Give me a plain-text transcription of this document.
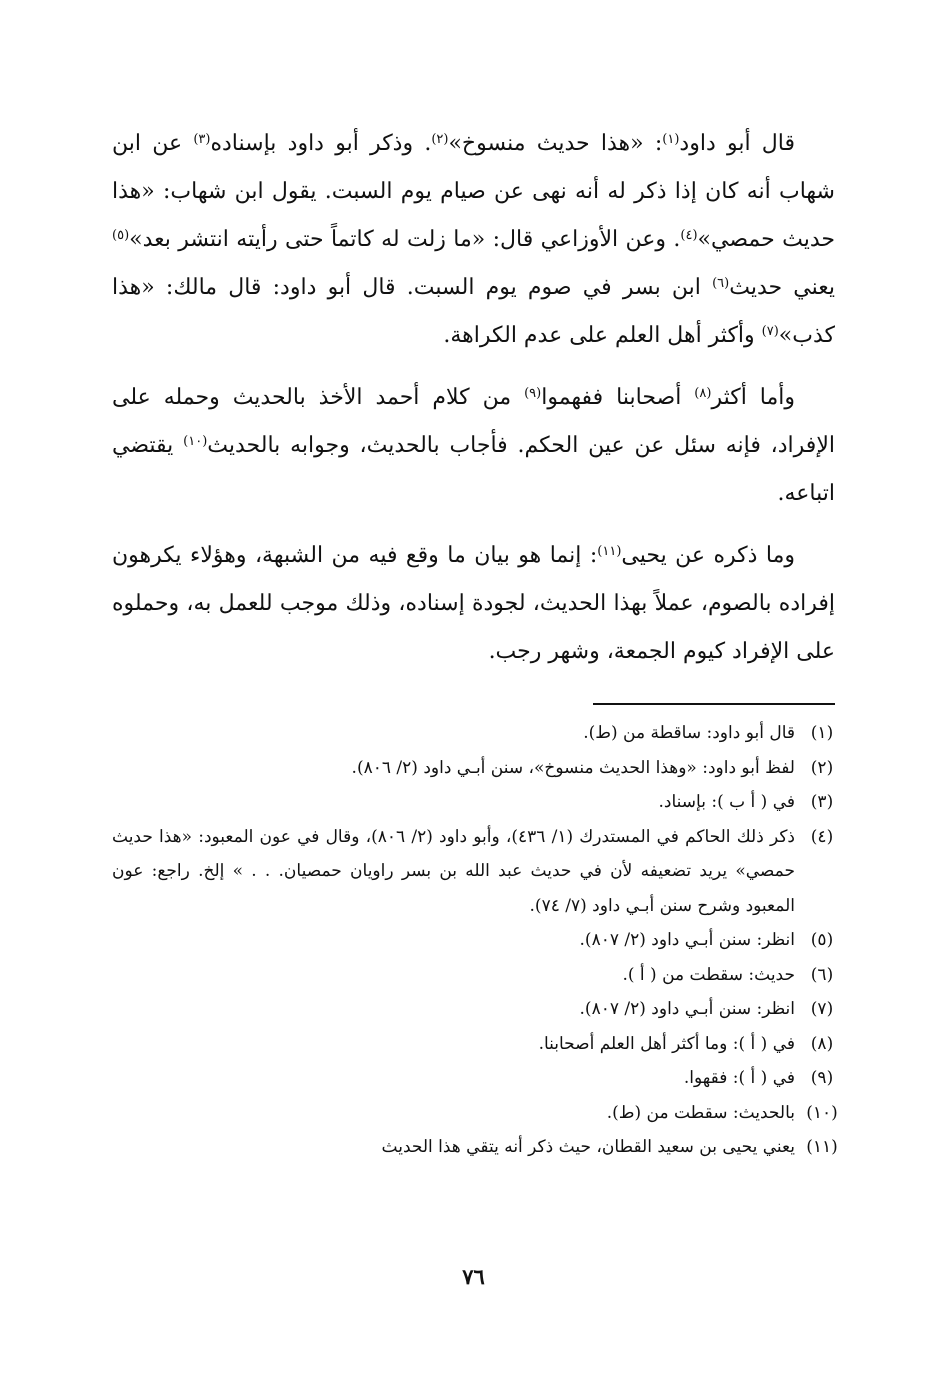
قال أبو داود$^{(١)}$: «هذا حديث منسوخ»$^{(٢)}$. وذكر أبو داود بإسناده$^{(٣)}$ عن ابن شهاب أنه كان إذا ذكر له أنه نهى عن صيام يوم السبت. يقول ابن شهاب: «هذا حديث حمصي»$^{(٤)}$. وعن الأوزاعي قال: «ما زلت له كاتماً حتى رأيته انتشر بعد»$^{(٥)}$ يعني حديث$^{(٦)}$ ابن بسر في صوم يوم السبت. قال أبو داود: قال مالك: «هذا كذب»$^{(٧)}$ وأكثر أهل العلم على عدم الكراهة.

وأما أكثر$^{(٨)}$ أصحابنا ففهموا$^{(٩)}$ من كلام أحمد الأخذ بالحديث وحمله على الإفراد، فإنه سئل عن عين الحكم. فأجاب بالحديث، وجوابه بالحديث$^{(١٠)}$ يقتضي اتباعه.

وما ذكره عن يحيى$^{(١١)}$: إنما هو بيان ما وقع فيه من الشبهة، وهؤلاء يكرهون إفراده بالصوم، عملاً بهذا الحديث، لجودة إسناده، وذلك موجب للعمل به، وحملوه على الإفراد كيوم الجمعة، وشهر رجب.

(١)
قال أبو داود: ساقطة من (ط).
(٢)
لفظ أبو داود: «وهذا الحديث منسوخ»، سنن أبـي داود (٢/ ٨٠٦).
(٣)
في ( أ ب ): بإسناد.
(٤)
ذكر ذلك الحاكم في المستدرك (١/ ٤٣٦)، وأبو داود (٢/ ٨٠٦)، وقال في عون المعبود: «هذا حديث حمصي» يريد تضعيفه لأن في حديث عبد الله بن بسر راويان حمصيان. . . » إلخ. راجع: عون المعبود وشرح سنن أبـي داود (٧/ ٧٤).
(٥)
انظر: سنن أبـي داود (٢/ ٨٠٧).
(٦)
حديث: سقطت من ( أ ).
(٧)
انظر: سنن أبـي داود (٢/ ٨٠٧).
(٨)
في ( أ ): وما أكثر أهل العلم أصحابنا.
(٩)
في ( أ ): فقهوا.
(١٠)
بالحديث: سقطت من (ط).
(١١)
يعني يحيى بن سعيد القطان، حيث ذكر أنه يتقي هذا الحديث
٧٦
